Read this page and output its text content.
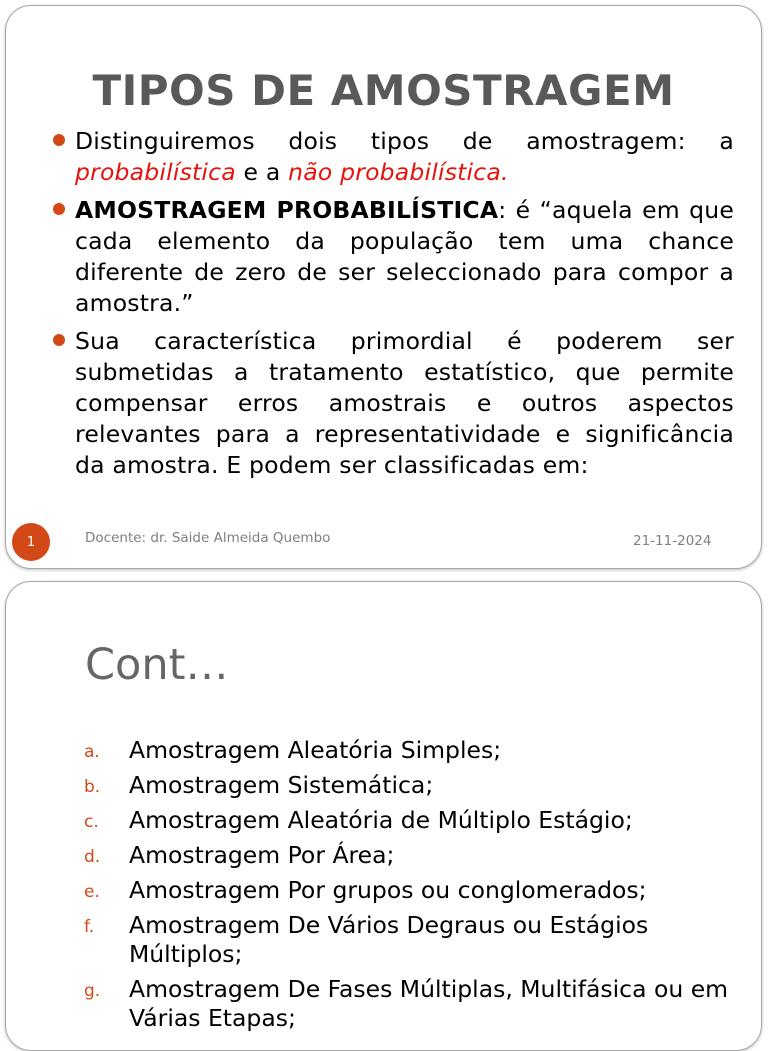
TIPOS DE AMOSTRAGEM
Distinguiremos dois tipos de amostragem: a probabilística e a não probabilística.
AMOSTRAGEM PROBABILÍSTICA: é “aquela em que cada elemento da população tem uma chance diferente de zero de ser seleccionado para compor a amostra.”
Sua característica primordial é poderem ser submetidas a tratamento estatístico, que permite compensar erros amostrais e outros aspectos relevantes para a representatividade e significância da amostra. E podem ser classificadas em:
1	Docente: dr. Saide Almeida Quembo	21-11-2024
Cont…
a. Amostragem Aleatória Simples;
b. Amostragem Sistemática;
c. Amostragem Aleatória de Múltiplo Estágio;
d. Amostragem Por Área;
e. Amostragem Por grupos ou conglomerados;
f. Amostragem De Vários Degraus ou Estágios Múltiplos;
g. Amostragem De Fases Múltiplas, Multifásica ou em Várias Etapas;
